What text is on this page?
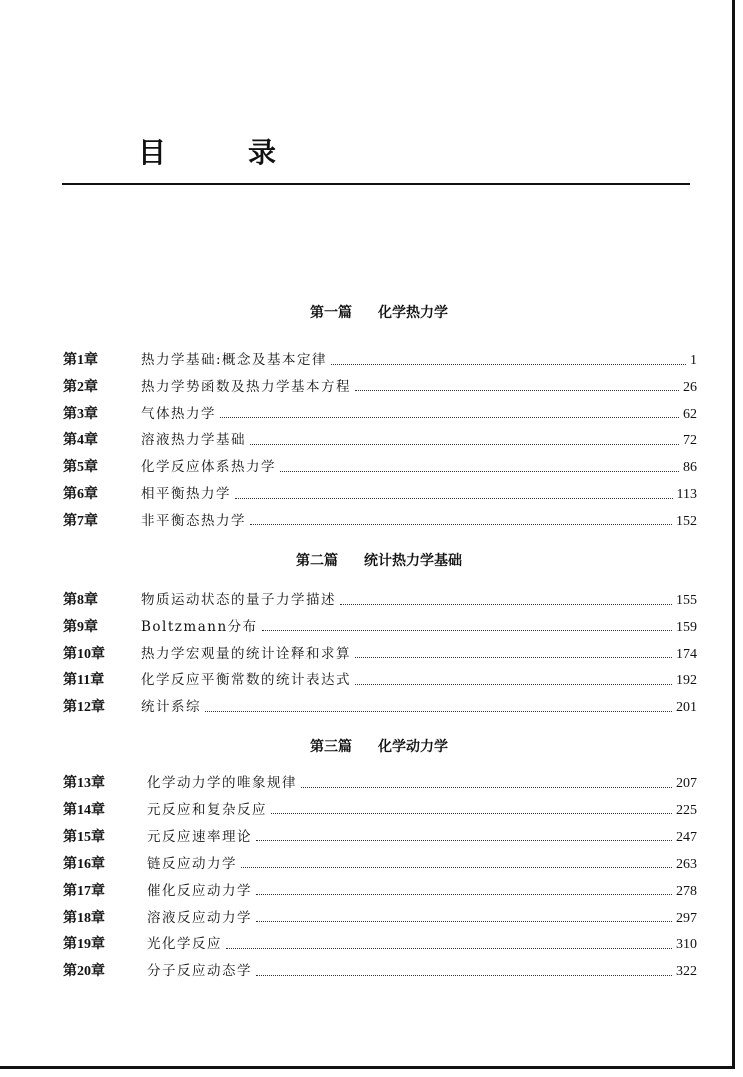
目录
第一篇 化学热力学
第1章	热力学基础:概念及基本定律	1
第2章	热力学势函数及热力学基本方程	26
第3章	气体热力学	62
第4章	溶液热力学基础	72
第5章	化学反应体系热力学	86
第6章	相平衡热力学	113
第7章	非平衡态热力学	152
第二篇 统计热力学基础
第8章	物质运动状态的量子力学描述	155
第9章	Boltzmann分布	159
第10章	热力学宏观量的统计诠释和求算	174
第11章	化学反应平衡常数的统计表达式	192
第12章	统计系综	201
第三篇 化学动力学
第13章	化学动力学的唯象规律	207
第14章	元反应和复杂反应	225
第15章	元反应速率理论	247
第16章	链反应动力学	263
第17章	催化反应动力学	278
第18章	溶液反应动力学	297
第19章	光化学反应	310
第20章	分子反应动态学	322
